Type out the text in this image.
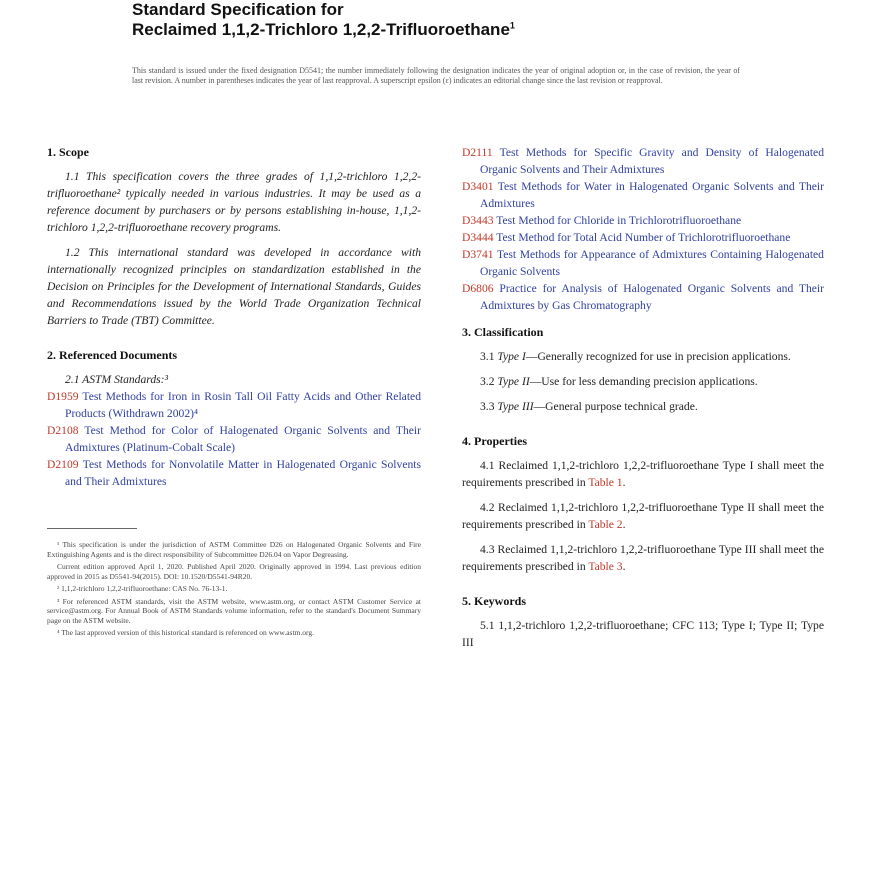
Standard Specification for
Reclaimed 1,1,2-Trichloro 1,2,2-Trifluoroethane$^1$
This standard is issued under the fixed designation D5541; the number immediately following the designation indicates the year of original adoption or, in the case of revision, the year of last revision. A number in parentheses indicates the year of last reapproval. A superscript epsilon (ε) indicates an editorial change since the last revision or reapproval.
1. Scope

1.1 This specification covers the three grades of 1,1,2-trichloro 1,2,2-trifluoroethane² typically needed in various industries. It may be used as a reference document by purchasers or by persons establishing in-house, 1,1,2-trichloro 1,2,2-trifluoroethane recovery programs.

1.2 This international standard was developed in accordance with internationally recognized principles on standardization established in the Decision on Principles for the Development of International Standards, Guides and Recommendations issued by the World Trade Organization Technical Barriers to Trade (TBT) Committee.

2. Referenced Documents
2.1 ASTM Standards:³
D1959 Test Methods for Iron in Rosin Tall Oil Fatty Acids and Other Related Products (Withdrawn 2002)⁴
D2108 Test Method for Color of Halogenated Organic Solvents and Their Admixtures (Platinum-Cobalt Scale)
D2109 Test Methods for Nonvolatile Matter in Halogenated Organic Solvents and Their Admixtures
¹ This specification is under the jurisdiction of ASTM Committee D26 on Halogenated Organic Solvents and Fire Extinguishing Agents and is the direct responsibility of Subcommittee D26.04 on Vapor Degreasing.
Current edition approved April 1, 2020. Published April 2020. Originally approved in 1994. Last previous edition approved in 2015 as D5541-94(2015). DOI: 10.1520/D5541-94R20.
² 1,1,2-trichloro 1,2,2-trifluoroethane: CAS No. 76-13-1.
³ For referenced ASTM standards, visit the ASTM website, www.astm.org, or contact ASTM Customer Service at service@astm.org. For Annual Book of ASTM Standards volume information, refer to the standard's Document Summary page on the ASTM website.
⁴ The last approved version of this historical standard is referenced on www.astm.org.
D2111 Test Methods for Specific Gravity and Density of Halogenated Organic Solvents and Their Admixtures
D3401 Test Methods for Water in Halogenated Organic Solvents and Their Admixtures
D3443 Test Method for Chloride in Trichlorotrifluoroethane
D3444 Test Method for Total Acid Number of Trichlorotrifluoroethane
D3741 Test Methods for Appearance of Admixtures Containing Halogenated Organic Solvents
D6806 Practice for Analysis of Halogenated Organic Solvents and Their Admixtures by Gas Chromatography
3. Classification

3.1 Type I—Generally recognized for use in precision applications.

3.2 Type II—Use for less demanding precision applications.

3.3 Type III—General purpose technical grade.

4. Properties

4.1 Reclaimed 1,1,2-trichloro 1,2,2-trifluoroethane Type I shall meet the requirements prescribed in Table 1.

4.2 Reclaimed 1,1,2-trichloro 1,2,2-trifluoroethane Type II shall meet the requirements prescribed in Table 2.

4.3 Reclaimed 1,1,2-trichloro 1,2,2-trifluoroethane Type III shall meet the requirements prescribed in Table 3.

5. Keywords

5.1 1,1,2-trichloro 1,2,2-trifluoroethane; CFC 113; Type I; Type II; Type III
